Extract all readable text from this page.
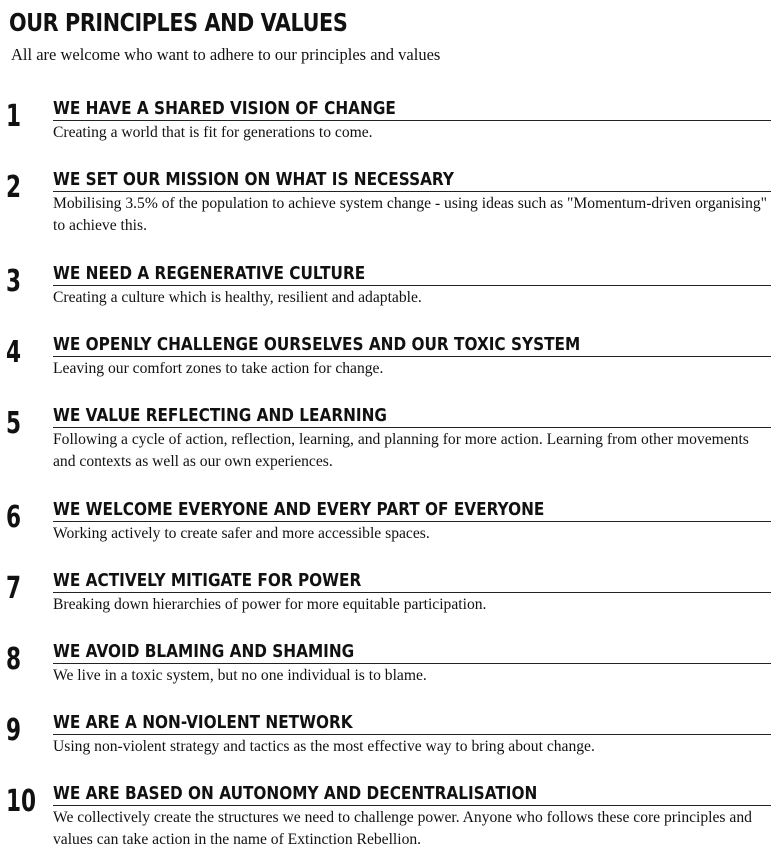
OUR PRINCIPLES AND VALUES
All are welcome who want to adhere to our principles and values
1	WE HAVE A SHARED VISION OF CHANGE
Creating a world that is fit for generations to come.
2	WE SET OUR MISSION ON WHAT IS NECESSARY
Mobilising 3.5% of the population to achieve system change - using ideas such as "Momentum-driven organising" to achieve this.
3	WE NEED A REGENERATIVE CULTURE
Creating a culture which is healthy, resilient and adaptable.
4	WE OPENLY CHALLENGE OURSELVES AND OUR TOXIC SYSTEM
Leaving our comfort zones to take action for change.
5	WE VALUE REFLECTING AND LEARNING
Following a cycle of action, reflection, learning, and planning for more action. Learning from other movements and contexts as well as our own experiences.
6	WE WELCOME EVERYONE AND EVERY PART OF EVERYONE
Working actively to create safer and more accessible spaces.
7	WE ACTIVELY MITIGATE FOR POWER
Breaking down hierarchies of power for more equitable participation.
8	WE AVOID BLAMING AND SHAMING
We live in a toxic system, but no one individual is to blame.
9	WE ARE A NON-VIOLENT NETWORK
Using non-violent strategy and tactics as the most effective way to bring about change.
10 WE ARE BASED ON AUTONOMY AND DECENTRALISATION
We collectively create the structures we need to challenge power. Anyone who follows these core principles and values can take action in the name of Extinction Rebellion.
